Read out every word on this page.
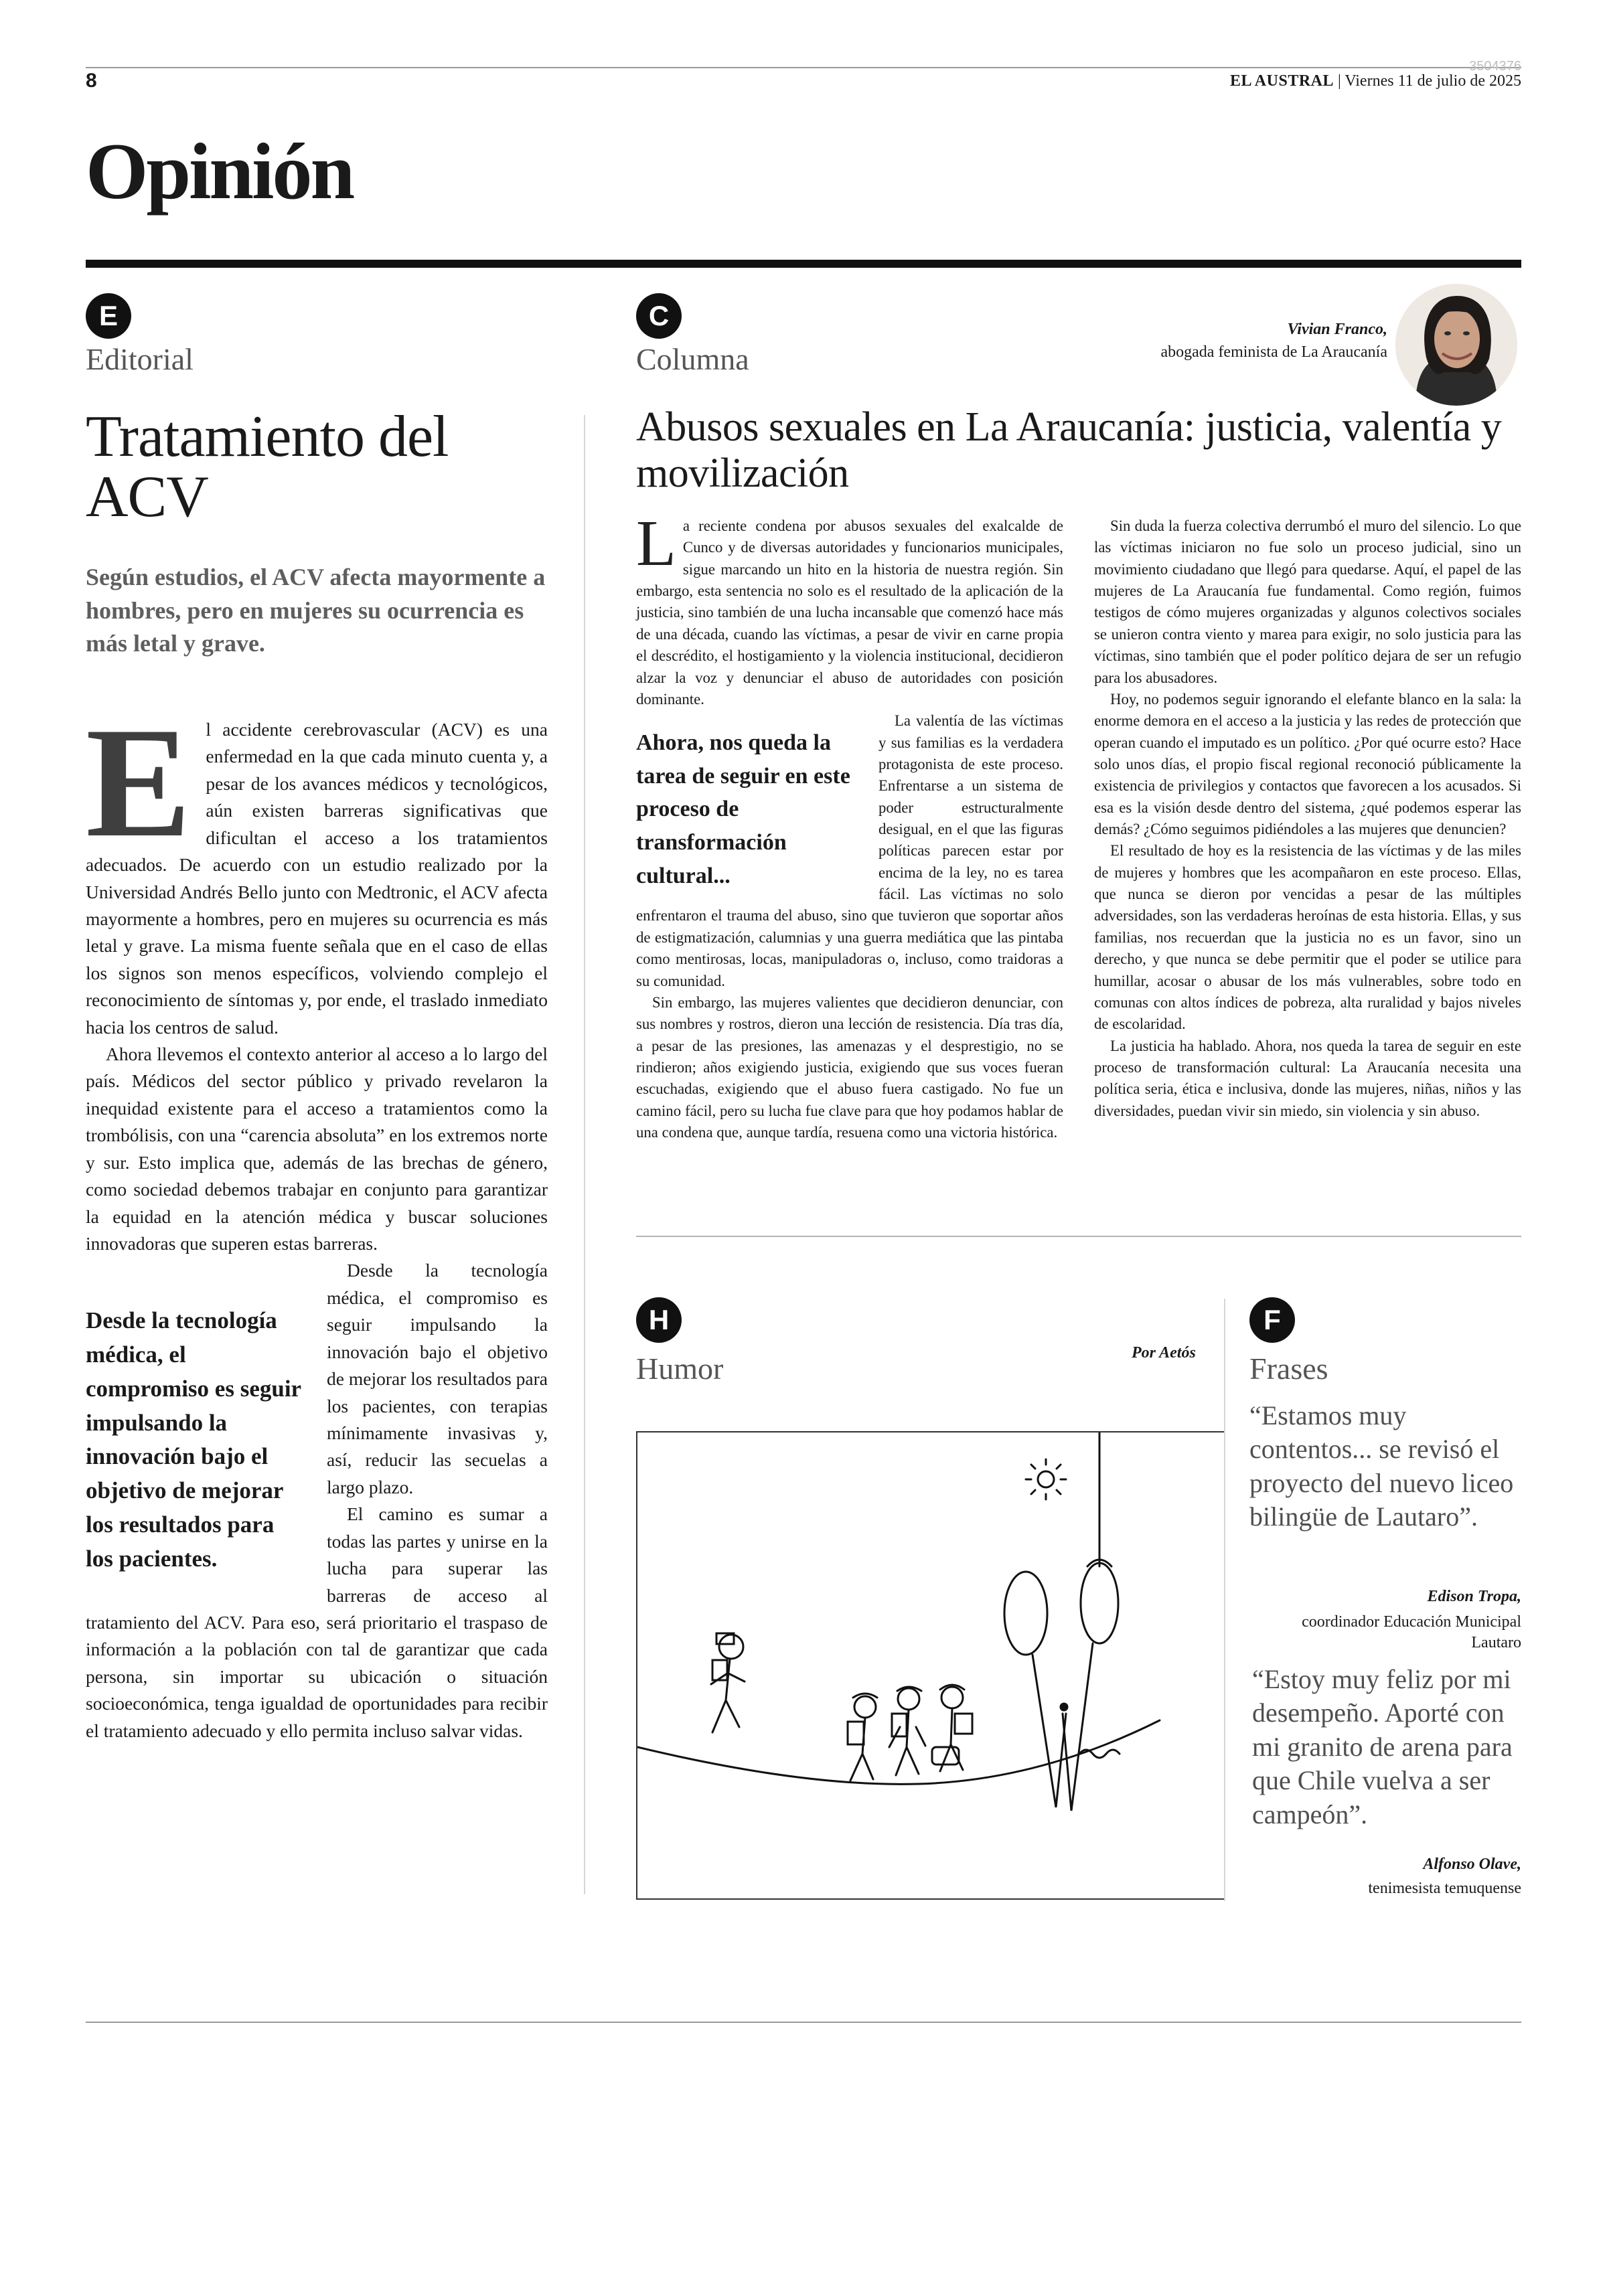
8
3504376
EL AUSTRAL | Viernes 11 de julio de 2025
Opinión
E
Editorial
Tratamiento del ACV
Según estudios, el ACV afecta mayormente a hombres, pero en mujeres su ocurrencia es más letal y grave.

El accidente cerebrovascular (ACV) es una enfermedad en la que cada minuto cuenta y, a pesar de los avances médicos y tecnológicos, aún existen barreras significativas que dificultan el acceso a los tratamientos adecuados. De acuerdo con un estudio realizado por la Universidad Andrés Bello junto con Medtronic, el ACV afecta mayormente a hombres, pero en mujeres su ocurrencia es más letal y grave. La misma fuente señala que en el caso de ellas los signos son menos específicos, volviendo complejo el reconocimiento de síntomas y, por ende, el traslado inmediato hacia los centros de salud.

Ahora llevemos el contexto anterior al acceso a lo largo del país. Médicos del sector público y privado revelaron la inequidad existente para el acceso a tratamientos como la trombólisis, con una “carencia absoluta” en los extremos norte y sur. Esto implica que, además de las brechas de género, como sociedad debemos trabajar en conjunto para garantizar la equidad en la atención médica y buscar soluciones innovadoras que superen estas barreras.

Desde la tecnología médica, el compromiso es seguir impulsando la innovación bajo el objetivo de mejorar los resultados para los pacientes.
Desde la tecnología médica, el compromiso es seguir impulsando la innovación bajo el objetivo de mejorar los resultados para los pacientes, con terapias mínimamente invasivas y, así, reducir las secuelas a largo plazo.

El camino es sumar a todas las partes y unirse en la lucha para superar las barreras de acceso al tratamiento del ACV. Para eso, será prioritario el traspaso de información a la población con tal de garantizar que cada persona, sin importar su ubicación o situación socioeconómica, tenga igualdad de oportunidades para recibir el tratamiento adecuado y ello permita incluso salvar vidas.

C
Columna
Vivian Franco,
abogada feminista de La Araucanía
Abusos sexuales en La Araucanía: justicia, valentía y movilización

La reciente condena por abusos sexuales del exalcalde de Cunco y de diversas autoridades y funcionarios municipales, sigue marcando un hito en la historia de nuestra región. Sin embargo, esta sentencia no solo es el resultado de la aplicación de la justicia, sino también de una lucha incansable que comenzó hace más de una década, cuando las víctimas, a pesar de vivir en carne propia el descrédito, el hostigamiento y la violencia institucional, decidieron alzar la voz y denunciar el abuso de autoridades con posición dominante.

Ahora, nos queda la tarea de seguir en este proceso de transformación cultural...
La valentía de las víctimas y sus familias es la verdadera protagonista de este proceso. Enfrentarse a un sistema de poder estructuralmente desigual, en el que las figuras políticas parecen estar por encima de la ley, no es tarea fácil. Las víctimas no solo enfrentaron el trauma del abuso, sino que tuvieron que soportar años de estigmatización, calumnias y una guerra mediática que las pintaba como mentirosas, locas, manipuladoras o, incluso, como traidoras a su comunidad.

Sin embargo, las mujeres valientes que decidieron denunciar, con sus nombres y rostros, dieron una lección de resistencia. Día tras día, a pesar de las presiones, las amenazas y el desprestigio, no se rindieron; años exigiendo justicia, exigiendo que sus voces fueran escuchadas, exigiendo que el abuso fuera castigado. No fue un camino fácil, pero su lucha fue clave para que hoy podamos hablar de una condena que, aunque tardía, resuena como una victoria histórica.

Sin duda la fuerza colectiva derrumbó el muro del silencio. Lo que las víctimas iniciaron no fue solo un proceso judicial, sino un movimiento ciudadano que llegó para quedarse. Aquí, el papel de las mujeres de La Araucanía fue fundamental. Como región, fuimos testigos de cómo mujeres organizadas y algunos colectivos sociales se unieron contra viento y marea para exigir, no solo justicia para las víctimas, sino también que el poder político dejara de ser un refugio para los abusadores.

Hoy, no podemos seguir ignorando el elefante blanco en la sala: la enorme demora en el acceso a la justicia y las redes de protección que operan cuando el imputado es un político. ¿Por qué ocurre esto? Hace solo unos días, el propio fiscal regional reconoció públicamente la existencia de privilegios y contactos que favorecen a los acusados. Si esa es la visión desde dentro del sistema, ¿qué podemos esperar las demás? ¿Cómo seguimos pidiéndoles a las mujeres que denuncien?

El resultado de hoy es la resistencia de las víctimas y de las miles de mujeres y hombres que les acompañaron en este proceso. Ellas, que nunca se dieron por vencidas a pesar de las múltiples adversidades, son las verdaderas heroínas de esta historia. Ellas, y sus familias, nos recuerdan que la justicia no es un favor, sino un derecho, y que nunca se debe permitir que el poder se utilice para humillar, acosar o abusar de los más vulnerables, sobre todo en comunas con altos índices de pobreza, alta ruralidad y bajos niveles de escolaridad.

La justicia ha hablado. Ahora, nos queda la tarea de seguir en este proceso de transformación cultural: La Araucanía necesita una política seria, ética e inclusiva, donde las mujeres, niñas, niños y las diversidades, puedan vivir sin miedo, sin violencia y sin abuso.

H
Humor	Por Aetós
F
Frases
“Estamos muy contentos... se revisó el proyecto del nuevo liceo bilingüe de Lautaro”.
Edison Tropa,
coordinador Educación Municipal
Lautaro
“Estoy muy feliz por mi desempeño. Aporté con mi granito de arena para que Chile vuelva a ser campeón”.
Alfonso Olave,
tenimesista temuquense
